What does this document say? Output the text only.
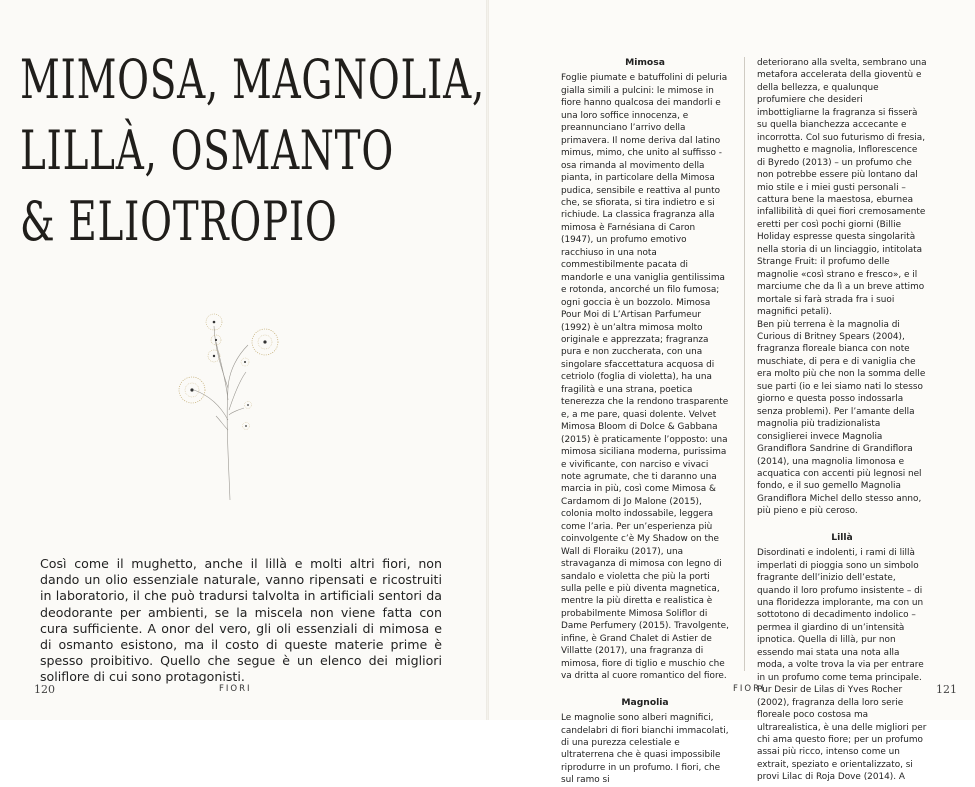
MIMOSA, MAGNOLIA,
LILLÀ, OSMANTO
& ELIOTROPIO

Così come il mughetto, anche il lillà e molti altri fiori, non dando un olio essenziale naturale, vanno ripensati e ricostruiti in laboratorio, il che può tradursi talvolta in artificiali sentori da deodorante per ambienti, se la miscela non viene fatta con cura sufficiente. A onor del vero, gli oli essenziali di mimosa e di osmanto esistono, ma il costo di queste materie prime è spesso proibitivo. Quello che segue è un elenco dei migliori soliflore di cui sono protagonisti.

120	FIORI
Mimosa

Foglie piumate e batuffolini di peluria gialla simili a pulcini: le mimose in fiore hanno qualcosa dei mandorli e una loro soffice innocenza, e preannunciano l’arrivo della primavera. Il nome deriva dal latino mimus, mimo, che unito al suffisso -osa rimanda al movimento della pianta, in particolare della Mimosa pudica, sensibile e reattiva al punto che, se sfiorata, si tira indietro e si richiude. La classica fragranza alla mimosa è Farnésiana di Caron (1947), un profumo emotivo racchiuso in una nota commestibilmente pacata di mandorle e una vaniglia gentilissima e rotonda, ancorché un filo fumosa; ogni goccia è un bozzolo. Mimosa Pour Moi di L’Artisan Parfumeur (1992) è un’altra mimosa molto originale e apprezzata; fragranza pura e non zuccherata, con una singolare sfaccettatura acquosa di cetriolo (foglia di violetta), ha una fragilità e una strana, poetica tenerezza che la rendono trasparente e, a me pare, quasi dolente. Velvet Mimosa Bloom di Dolce & Gabbana (2015) è praticamente l’opposto: una mimosa siciliana moderna, purissima e vivificante, con narciso e vivaci note agrumate, che ti daranno una marcia in più, così come Mimosa & Cardamom di Jo Malone (2015), colonia molto indossabile, leggera come l’aria. Per un’esperienza più coinvolgente c’è My Shadow on the Wall di Floraiku (2017), una stravaganza di mimosa con legno di sandalo e violetta che più la porti sulla pelle e più diventa magnetica, mentre la più diretta e realistica è probabilmente Mimosa Soliflor di Dame Perfumery (2015). Travolgente, infine, è Grand Chalet di Astier de Villatte (2017), una fragranza di mimosa, fiore di tiglio e muschio che va dritta al cuore romantico del fiore.

Magnolia

Le magnolie sono alberi magnifici, candelabri di fiori bianchi immacolati, di una purezza celestiale e ultraterrena che è quasi impossibile riprodurre in un profumo. I fiori, che sul ramo si

deteriorano alla svelta, sembrano una metafora accelerata della gioventù e della bellezza, e qualunque profumiere che desideri imbottigliarne la fragranza si fisserà su quella bianchezza accecante e incorrotta. Col suo futurismo di fresia, mughetto e magnolia, Inflorescence di Byredo (2013) – un profumo che non potrebbe essere più lontano dal mio stile e i miei gusti personali – cattura bene la maestosa, eburnea infallibilità di quei fiori cremosamente eretti per così pochi giorni (Billie Holiday espresse questa singolarità nella storia di un linciaggio, intitolata Strange Fruit: il profumo delle magnolie «così strano e fresco», e il marciume che da lì a un breve attimo mortale si farà strada fra i suoi magnifici petali).

Ben più terrena è la magnolia di Curious di Britney Spears (2004), fragranza floreale bianca con note muschiate, di pera e di vaniglia che era molto più che non la somma delle sue parti (io e lei siamo nati lo stesso giorno e questa posso indossarla senza problemi). Per l’amante della magnolia più tradizionalista consiglierei invece Magnolia Grandiflora Sandrine di Grandiflora (2014), una magnolia limonosa e acquatica con accenti più legnosi nel fondo, e il suo gemello Magnolia Grandiflora Michel dello stesso anno, più pieno e più ceroso.

Lillà

Disordinati e indolenti, i rami di lillà imperlati di pioggia sono un simbolo fragrante dell’inizio dell’estate, quando il loro profumo insistente – di una floridezza implorante, ma con un sottotono di decadimento indolico – permea il giardino di un’intensità ipnotica. Quella di lillà, pur non essendo mai stata una nota alla moda, a volte trova la via per entrare in un profumo come tema principale. Pur Desir de Lilas di Yves Rocher (2002), fragranza della loro serie floreale poco costosa ma ultrarealistica, è una delle migliori per chi ama questo fiore; per un profumo assai più ricco, intenso come un extrait, speziato e orientalizzato, si provi Lilac di Roja Dove (2014). A

FIORI	121
